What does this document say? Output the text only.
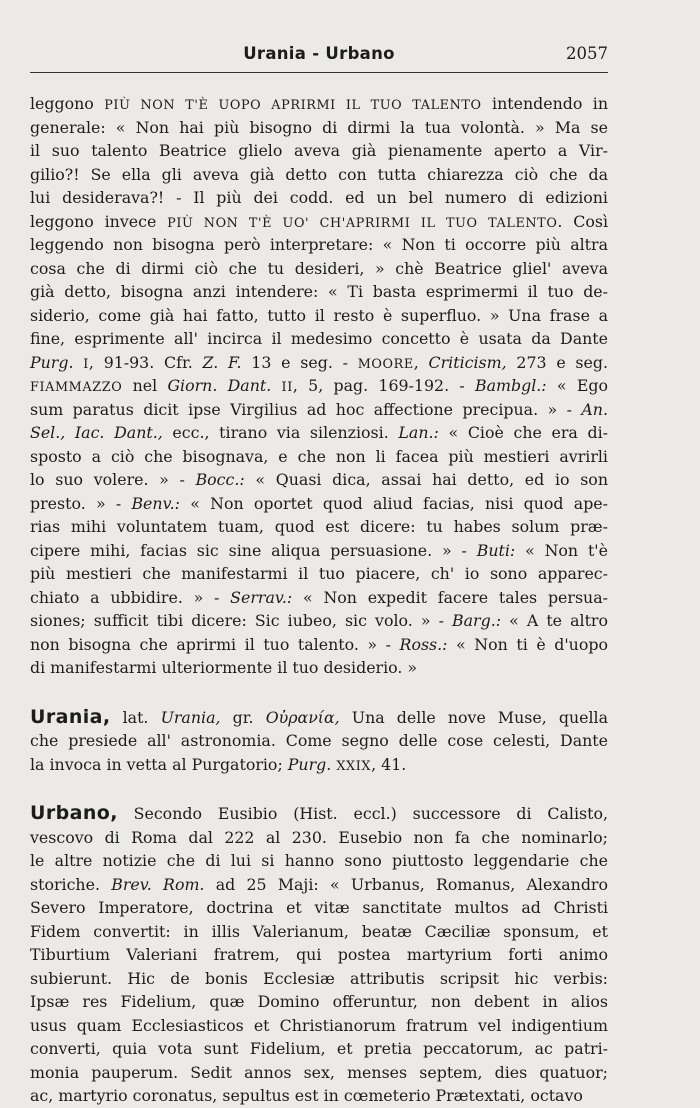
Urania - Urbano	2057
leggono PIÙ NON T'È UOPO APRIRMI IL TUO TALENTO intendendo in
generale: « Non hai più bisogno di dirmi la tua volontà. » Ma se
il suo talento Beatrice glielo aveva già pienamente aperto a Vir-
gilio?! Se ella gli aveva già detto con tutta chiarezza ciò che da
lui desiderava?! - Il più dei codd. ed un bel numero di edizioni
leggono invece PIÙ NON T'È UO' CH'APRIRMI IL TUO TALENTO. Così
leggendo non bisogna però interpretare: « Non ti occorre più altra
cosa che di dirmi ciò che tu desideri, » chè Beatrice gliel' aveva
già detto, bisogna anzi intendere: « Ti basta esprimermi il tuo de-
siderio, come già hai fatto, tutto il resto è superfluo. » Una frase a
fine, esprimente all' incirca il medesimo concetto è usata da Dante
Purg. I, 91-93. Cfr. Z. F. 13 e seg. - MOORE, Criticism, 273 e seg.
FIAMMAZZO nel Giorn. Dant. II, 5, pag. 169-192. - Bambgl.: « Ego
sum paratus dicit ipse Virgilius ad hoc affectione precipua. » - An.
Sel., Iac. Dant., ecc., tirano via silenziosi. Lan.: « Cioè che era di-
sposto a ciò che bisognava, e che non li facea più mestieri avrirli
lo suo volere. » - Bocc.: « Quasi dica, assai hai detto, ed io son
presto. » - Benv.: « Non oportet quod aliud facias, nisi quod ape-
rias mihi voluntatem tuam, quod est dicere: tu habes solum præ-
cipere mihi, facias sic sine aliqua persuasione. » - Buti: « Non t'è
più mestieri che manifestarmi il tuo piacere, ch' io sono apparec-
chiato a ubbidire. » - Serrav.: « Non expedit facere tales persua-
siones; sufficit tibi dicere: Sic iubeo, sic volo. » - Barg.: « A te altro
non bisogna che aprirmi il tuo talento. » - Ross.: « Non ti è d'uopo
di manifestarmi ulteriormente il tuo desiderio. »
Urania, lat. Urania, gr. Οὐρανία, Una delle nove Muse, quella
che presiede all' astronomia. Come segno delle cose celesti, Dante
la invoca in vetta al Purgatorio; Purg. XXIX, 41.
Urbano, Secondo Eusibio (Hist. eccl.) successore di Calisto,
vescovo di Roma dal 222 al 230. Eusebio non fa che nominarlo;
le altre notizie che di lui si hanno sono piuttosto leggendarie che
storiche. Brev. Rom. ad 25 Maji: « Urbanus, Romanus, Alexandro
Severo Imperatore, doctrina et vitæ sanctitate multos ad Christi
Fidem convertit: in illis Valerianum, beatæ Cæciliæ sponsum, et
Tiburtium Valeriani fratrem, qui postea martyrium forti animo
subierunt. Hic de bonis Ecclesiæ attributis scripsit hic verbis:
Ipsæ res Fidelium, quæ Domino offeruntur, non debent in alios
usus quam Ecclesiasticos et Christianorum fratrum vel indigentium
converti, quia vota sunt Fidelium, et pretia peccatorum, ac patri-
monia pauperum. Sedit annos sex, menses septem, dies quatuor;
ac, martyrio coronatus, sepultus est in cœmeterio Prætextati, octavo
